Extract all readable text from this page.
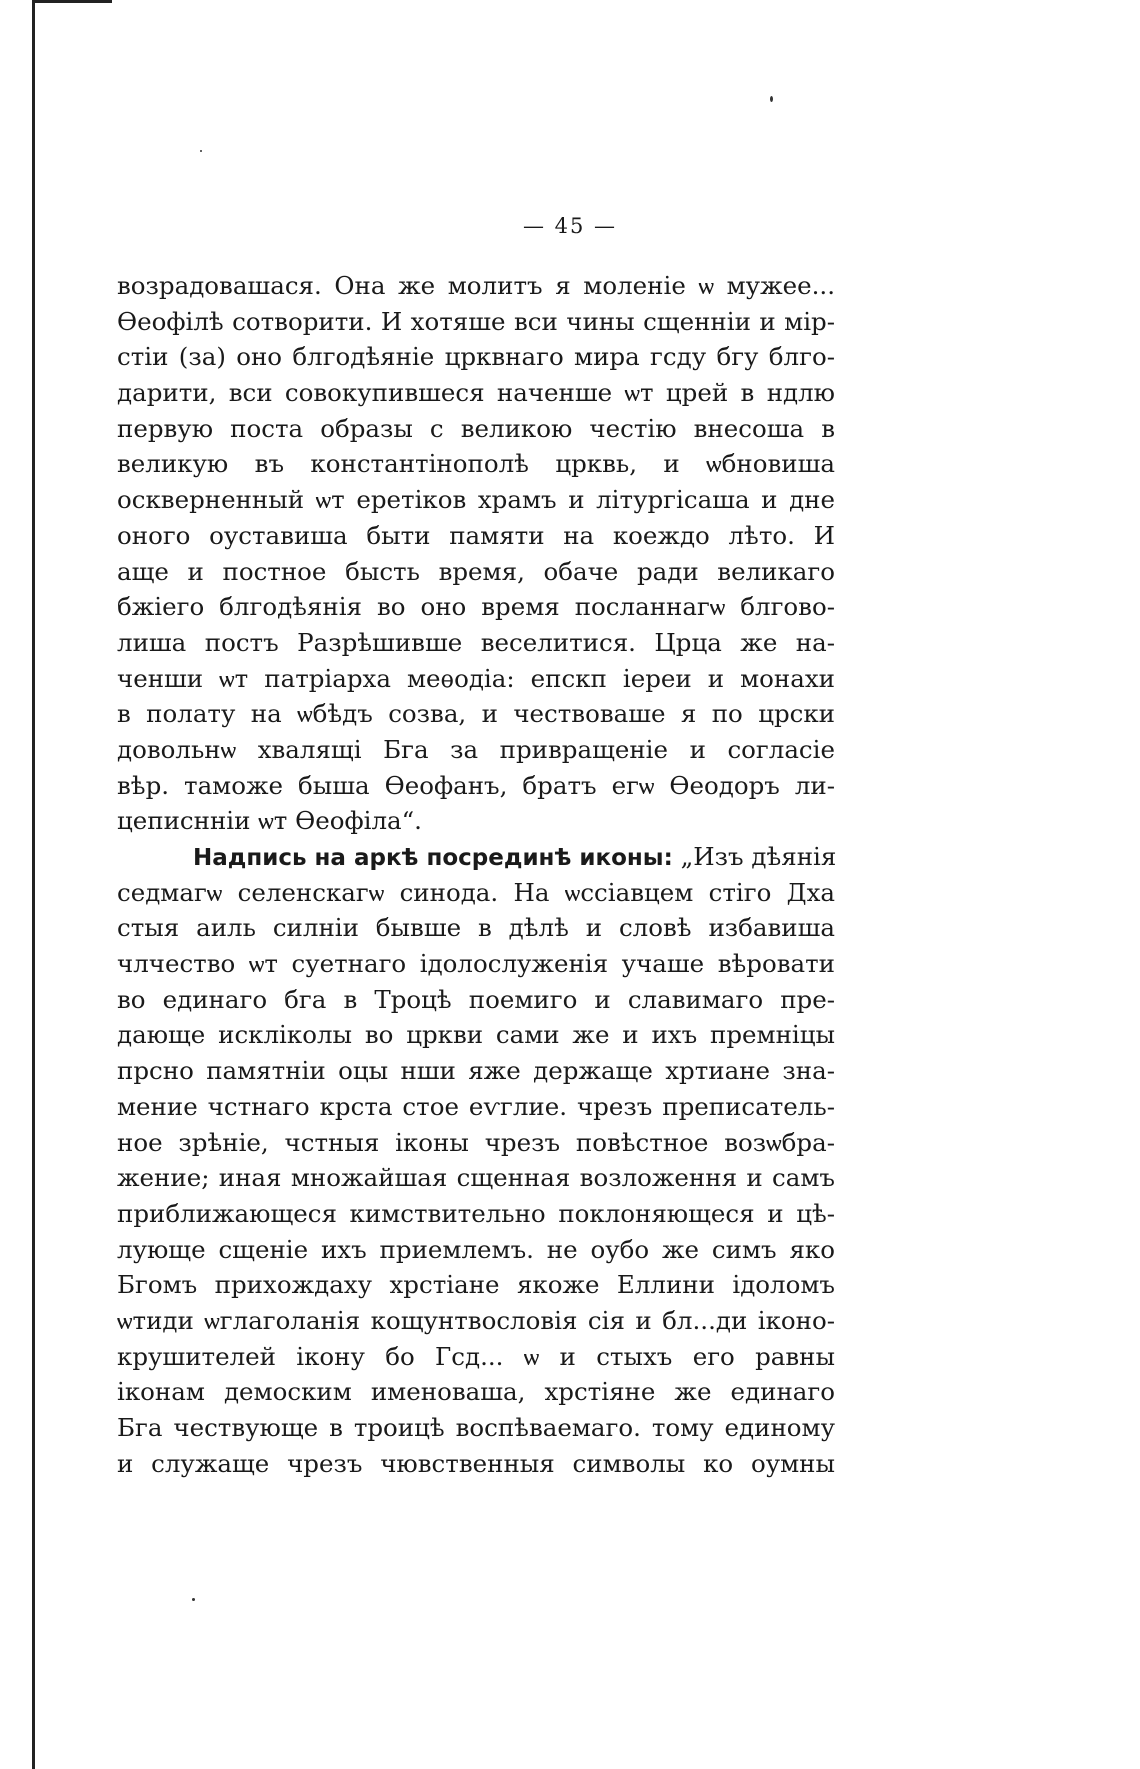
— 45 —
возрадовашася. Она же молитъ я моленіе ѡ мужее...
Ѳеофілѣ сотворити. И хотяше вси чины сщенніи и мір-
стіи (за) оно блгодѣяніе црквнаго мира гсду бгу блго-
дарити, вси совокупившеся наченше ѡт црей в ндлю
первую поста образы с великою честію внесоша в
великую въ константінополѣ црквь, и ѡбновиша
оскверненный ѡт еретіков храмъ и літургісаша и дне
оного оуставиша быти памяти на коеждо лѣто. И
аще и постное бысть время, обаче ради великаго
бжіего блгодѣянія во оно время посланнагѡ блгово-
лиша постъ Разрѣшивше веселитися. Црца же на-
ченши ѡт патріарха меѳодіа: епскп іереи и монахи
в полату на ѡбѣдъ созва, и чествоваше я по црски
довольнѡ хвалящі Бга за привращеніе и согласіе
вѣр. таможе быша Ѳеофанъ, братъ егѡ Ѳеодоръ ли-
цеписнніи ѡт Ѳеофіла“.
Надпись на аркѣ посрединѣ иконы: „Изъ дѣянія
седмагѡ селенскагѡ синода. На ѡссіавцем стіго Дха
стыя аиль силніи бывше в дѣлѣ и словѣ избавиша
члчество ѡт суетнаго ідолослуженія учаше вѣровати
во единаго бга в Троцѣ поемиго и славимаго пре-
дающе искліколы во црк﻿ви сами же и ихъ премніцы
прсно памятніи оцы нши яже держаще хртиане зна-
мение чстнаго крста стое еѵглие. чрезъ преписатель-
ное зрѣніе, чстныя іконы чрезъ повѣстное возѡбра-
жение; иная множайшая сщенная возложення и самъ
приближающеся кимствительно поклоняющеся и цѣ-
лующе сщеніе ихъ приемлемъ. не оубо же симъ яко
Бгомъ прихождаху хрстіане якоже Еллини ідоломъ
ѡтиди ѡглаголанія кощунтвословія сія и бл...ди іконо-
крушителей ікону бо Гсд... ѡ и стыхъ его равны
іконам демоским именоваша, хрстіяне же единаго
Бга чествующе в троицѣ воспѣваемаго. тому единому
и служаще чрезъ чювственныя символы ко оумны
